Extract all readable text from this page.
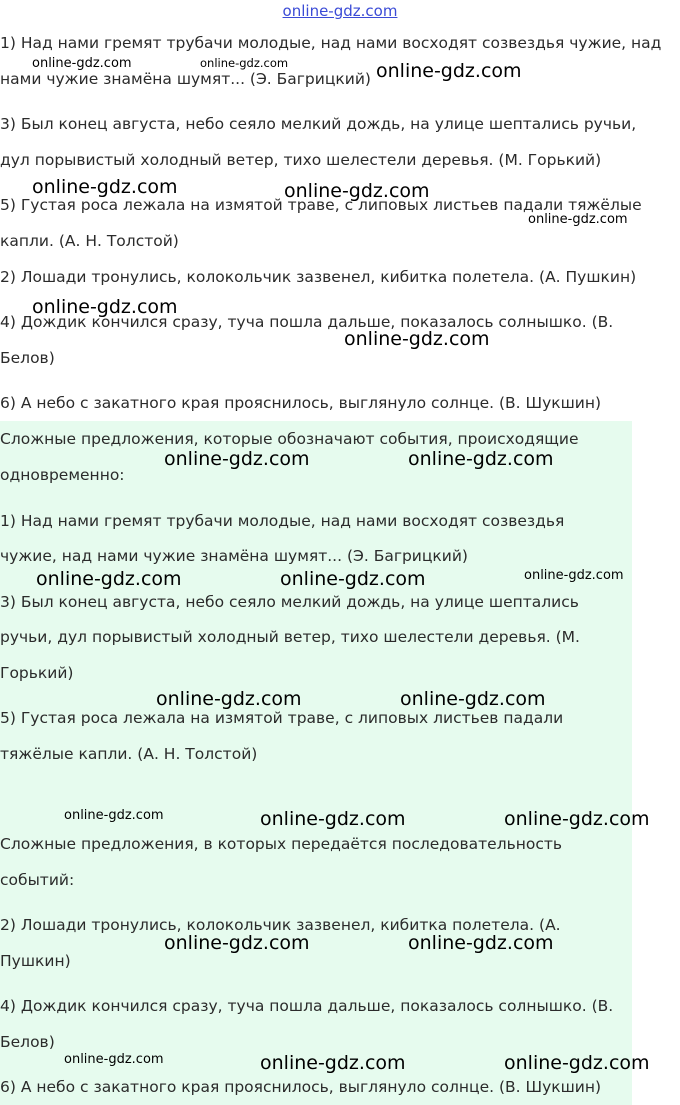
online-gdz.com
1) Над нами гремят трубачи молодые, над нами восходят созвездья чужие, над
нами чужие знамёна шумят... (Э. Багрицкий)
3) Был конец августа, небо сеяло мелкий дождь, на улице шептались ручьи,
дул порывистый холодный ветер, тихо шелестели деревья. (М. Горький)
5) Густая роса лежала на измятой траве, с липовых листьев падали тяжёлые
капли. (А. Н. Толстой)
2) Лошади тронулись, колокольчик зазвенел, кибитка полетела. (А. Пушкин)
4) Дождик кончился сразу, туча пошла дальше, показалось солнышко. (В.
Белов)
6) А небо с закатного края прояснилось, выглянуло солнце. (В. Шукшин)
Сложные предложения, которые обозначают события, происходящие
одновременно:
1) Над нами гремят трубачи молодые, над нами восходят созвездья
чужие, над нами чужие знамёна шумят... (Э. Багрицкий)
3) Был конец августа, небо сеяло мелкий дождь, на улице шептались
ручьи, дул порывистый холодный ветер, тихо шелестели деревья. (М.
Горький)
5) Густая роса лежала на измятой траве, с липовых листьев падали
тяжёлые капли. (А. Н. Толстой)
Сложные предложения, в которых передаётся последовательность
событий:
2) Лошади тронулись, колокольчик зазвенел, кибитка полетела. (А.
Пушкин)
4) Дождик кончился сразу, туча пошла дальше, показалось солнышко. (В.
Белов)
6) А небо с закатного края прояснилось, выглянуло солнце. (В. Шукшин)
online-gdz.com	online-gdz.com	online-gdz.com
online-gdz.com	online-gdz.com
online-gdz.com
online-gdz.com
online-gdz.com
online-gdz.com	online-gdz.com
online-gdz.com	online-gdz.com	online-gdz.com
online-gdz.com	online-gdz.com
online-gdz.com	online-gdz.com	online-gdz.com
online-gdz.com	online-gdz.com
online-gdz.com	online-gdz.com	online-gdz.com
